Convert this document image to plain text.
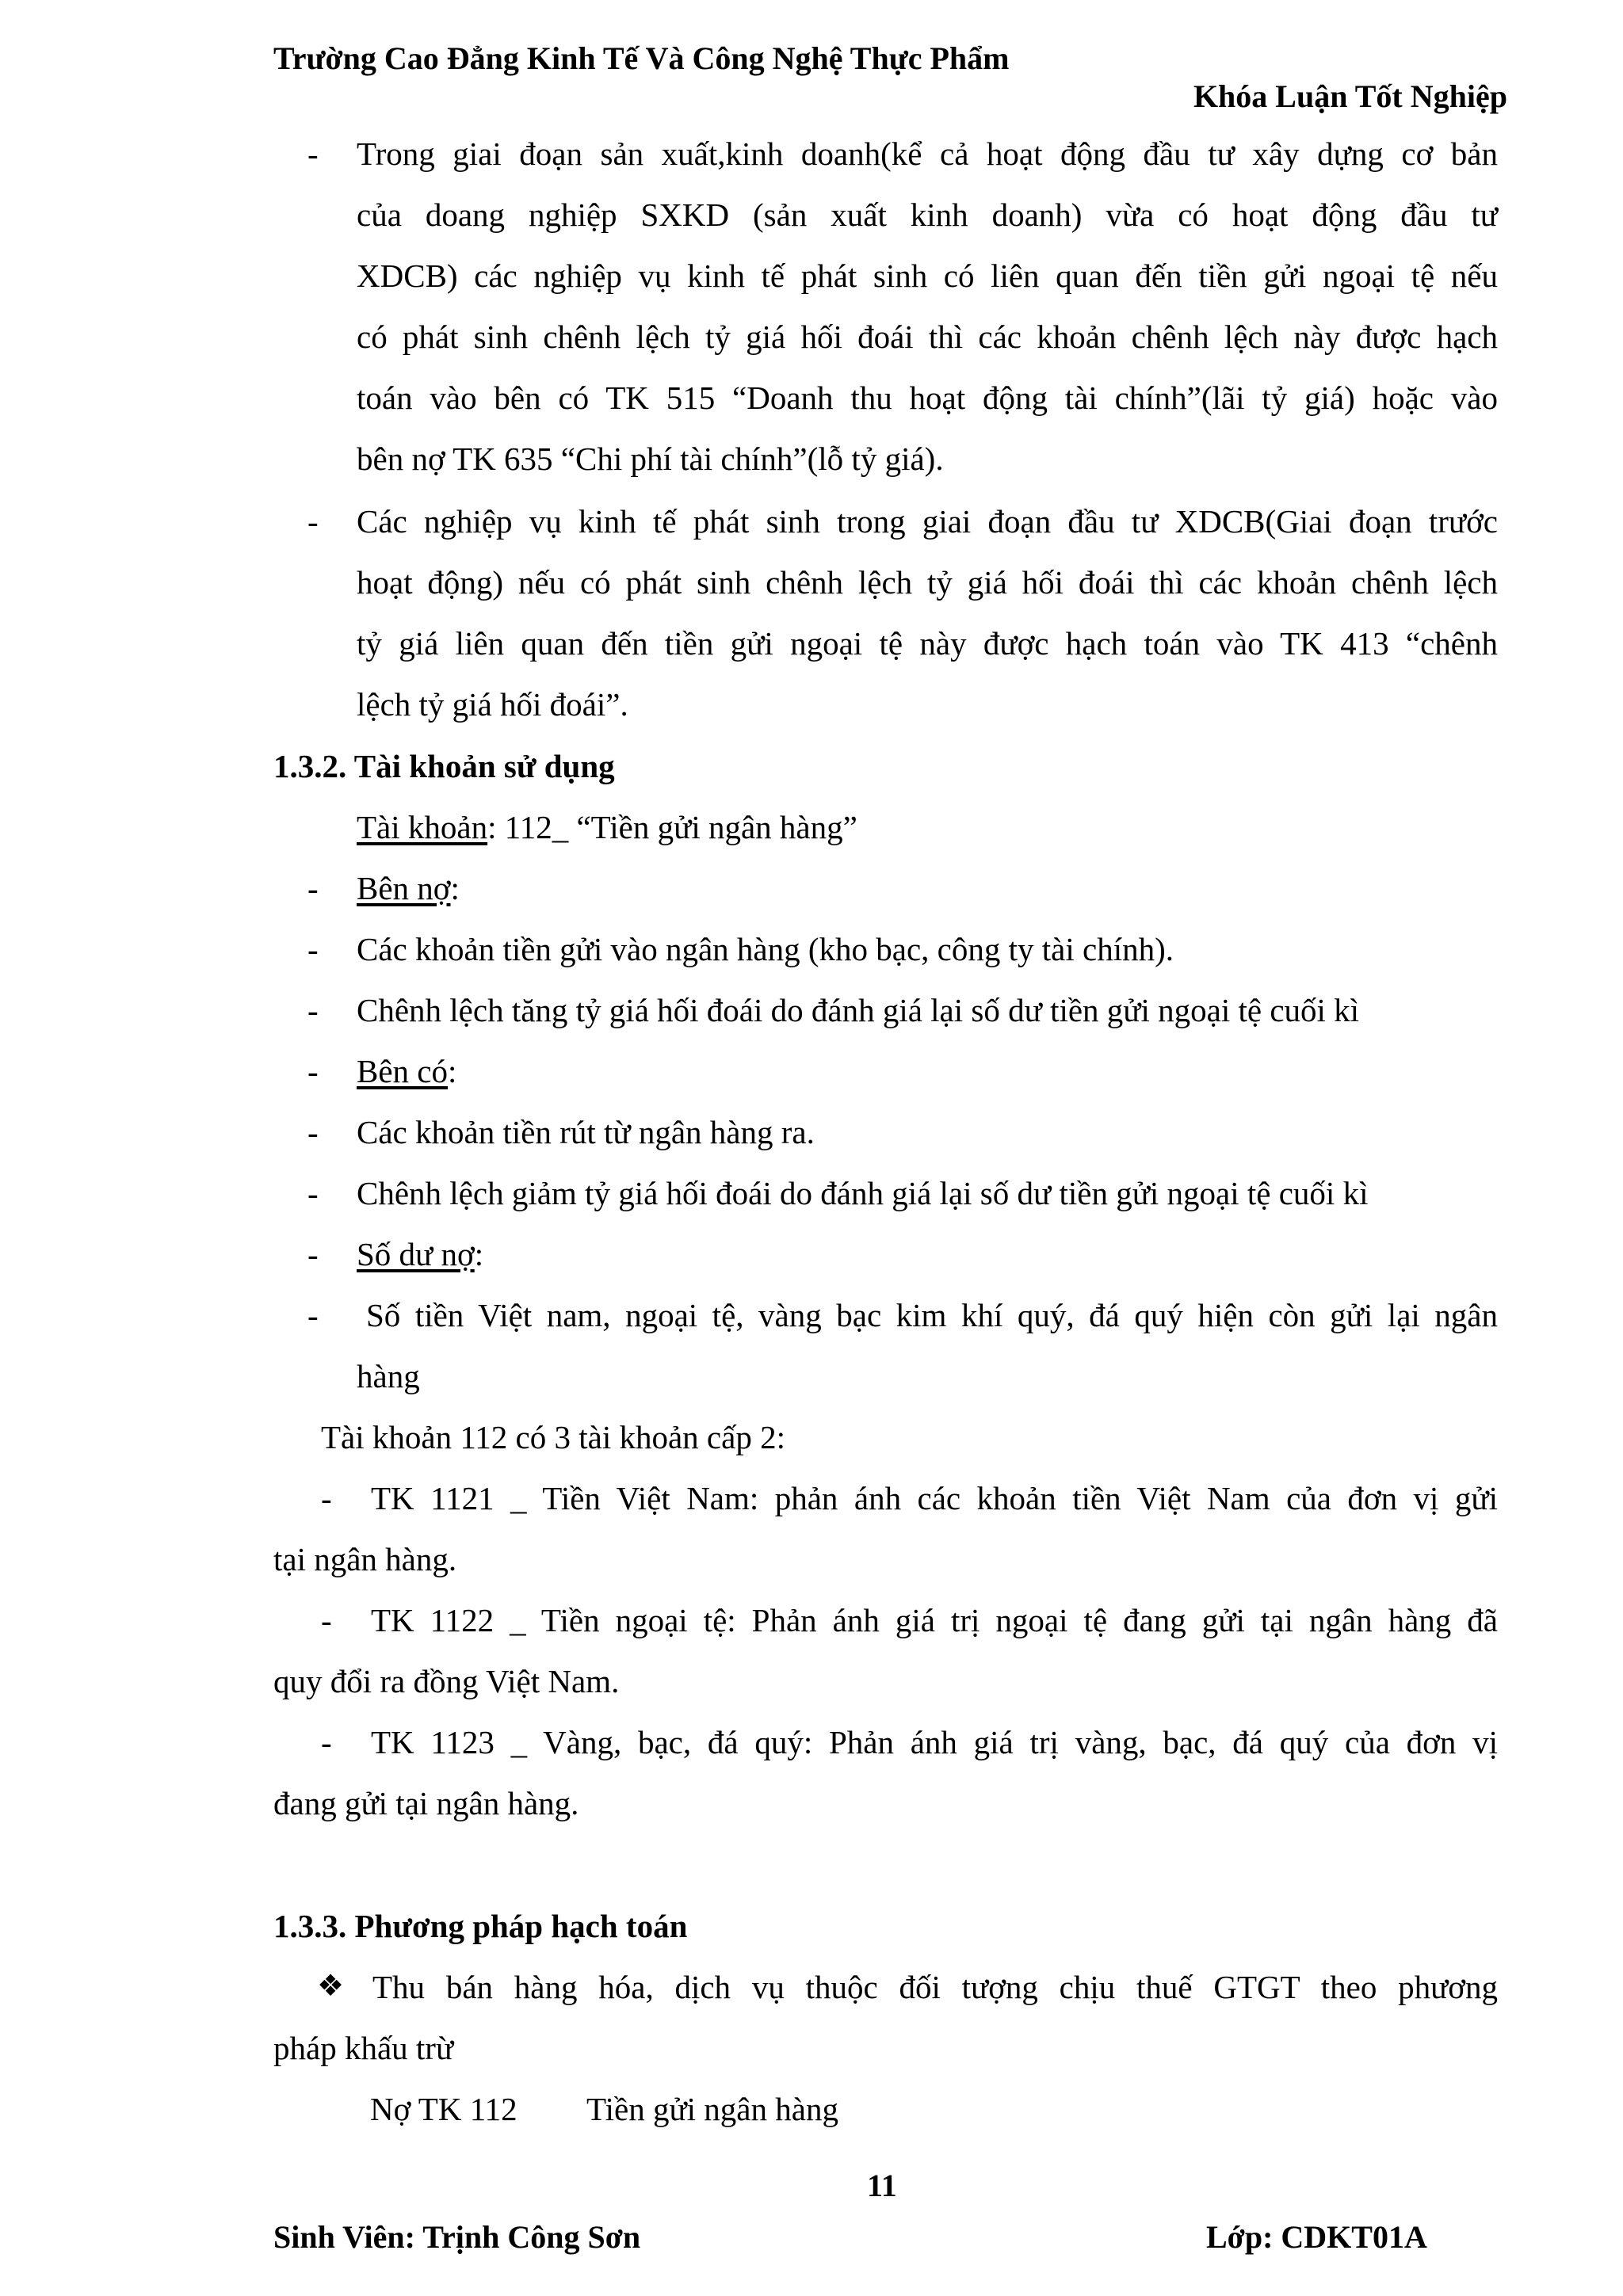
Trường Cao Đẳng Kinh Tế Và Công Nghệ Thực Phẩm
Khóa Luận Tốt Nghiệp
- Trong giai đoạn sản xuất,kinh doanh(kể cả hoạt động đầu tư xây dựng cơ bản
của doang nghiệp SXKD (sản xuất kinh doanh) vừa có hoạt động đầu tư
XDCB) các nghiệp vụ kinh tế phát sinh có liên quan đến tiền gửi ngoại tệ nếu
có phát sinh chênh lệch tỷ giá hối đoái thì các khoản chênh lệch này được hạch
toán vào bên có TK 515 “Doanh thu hoạt động tài chính”(lãi tỷ giá) hoặc vào
bên nợ TK 635 “Chi phí tài chính”(lỗ tỷ giá).
- Các nghiệp vụ kinh tế phát sinh trong giai đoạn đầu tư XDCB(Giai đoạn trước
hoạt động) nếu có phát sinh chênh lệch tỷ giá hối đoái thì các khoản chênh lệch
tỷ giá liên quan đến tiền gửi ngoại tệ này được hạch toán vào TK 413 “chênh
lệch tỷ giá hối đoái”.
1.3.2. Tài khoản sử dụng
Tài khoản: 112_ “Tiền gửi ngân hàng”
- Bên nợ:
- Các khoản tiền gửi vào ngân hàng (kho bạc, công ty tài chính).
- Chênh lệch tăng tỷ giá hối đoái do đánh giá lại số dư tiền gửi ngoại tệ cuối kì
- Bên có:
- Các khoản tiền rút từ ngân hàng ra.
- Chênh lệch giảm tỷ giá hối đoái do đánh giá lại số dư tiền gửi ngoại tệ cuối kì
- Số dư nợ:
- Số tiền Việt nam, ngoại tệ, vàng bạc kim khí quý, đá quý hiện còn gửi lại ngân
hàng
Tài khoản 112 có 3 tài khoản cấp 2:
- TK 1121 _ Tiền Việt Nam: phản ánh các khoản tiền Việt Nam của đơn vị gửi
tại ngân hàng.
- TK 1122 _ Tiền ngoại tệ: Phản ánh giá trị ngoại tệ đang gửi tại ngân hàng đã
quy đổi ra đồng Việt Nam.
- TK 1123 _ Vàng, bạc, đá quý: Phản ánh giá trị vàng, bạc, đá quý của đơn vị
đang gửi tại ngân hàng.
1.3.3. Phương pháp hạch toán
❖ Thu bán hàng hóa, dịch vụ thuộc đối tượng chịu thuế GTGT theo phương
pháp khấu trừ
Nợ TK 112 Tiền gửi ngân hàng
11
Sinh Viên: Trịnh Công Sơn	Lớp: CDKT01A
